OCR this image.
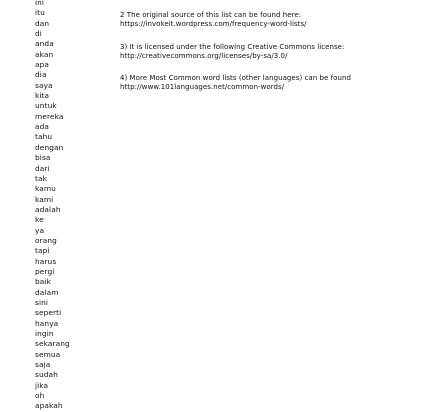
ini
itu
dan
di
anda
akan
apa
dia
saya
kita
untuk
mereka
ada
tahu
dengan
bisa
dari
tak
kamu
kami
adalah
ke
ya
orang
tapi
harus
pergi
baik
dalam
sini
seperti
hanya
ingin
sekarang
semua
saja
sudah
jika
oh
apakah
2 The original source of this list can be found here:
https://invokeit.wordpress.com/frequency-word-lists/
3) It is licensed under the following Creative Commons license:
http://creativecommons.org/licenses/by-sa/3.0/
4) More Most Common word lists (other languages) can be found
http://www.101languages.net/common-words/
